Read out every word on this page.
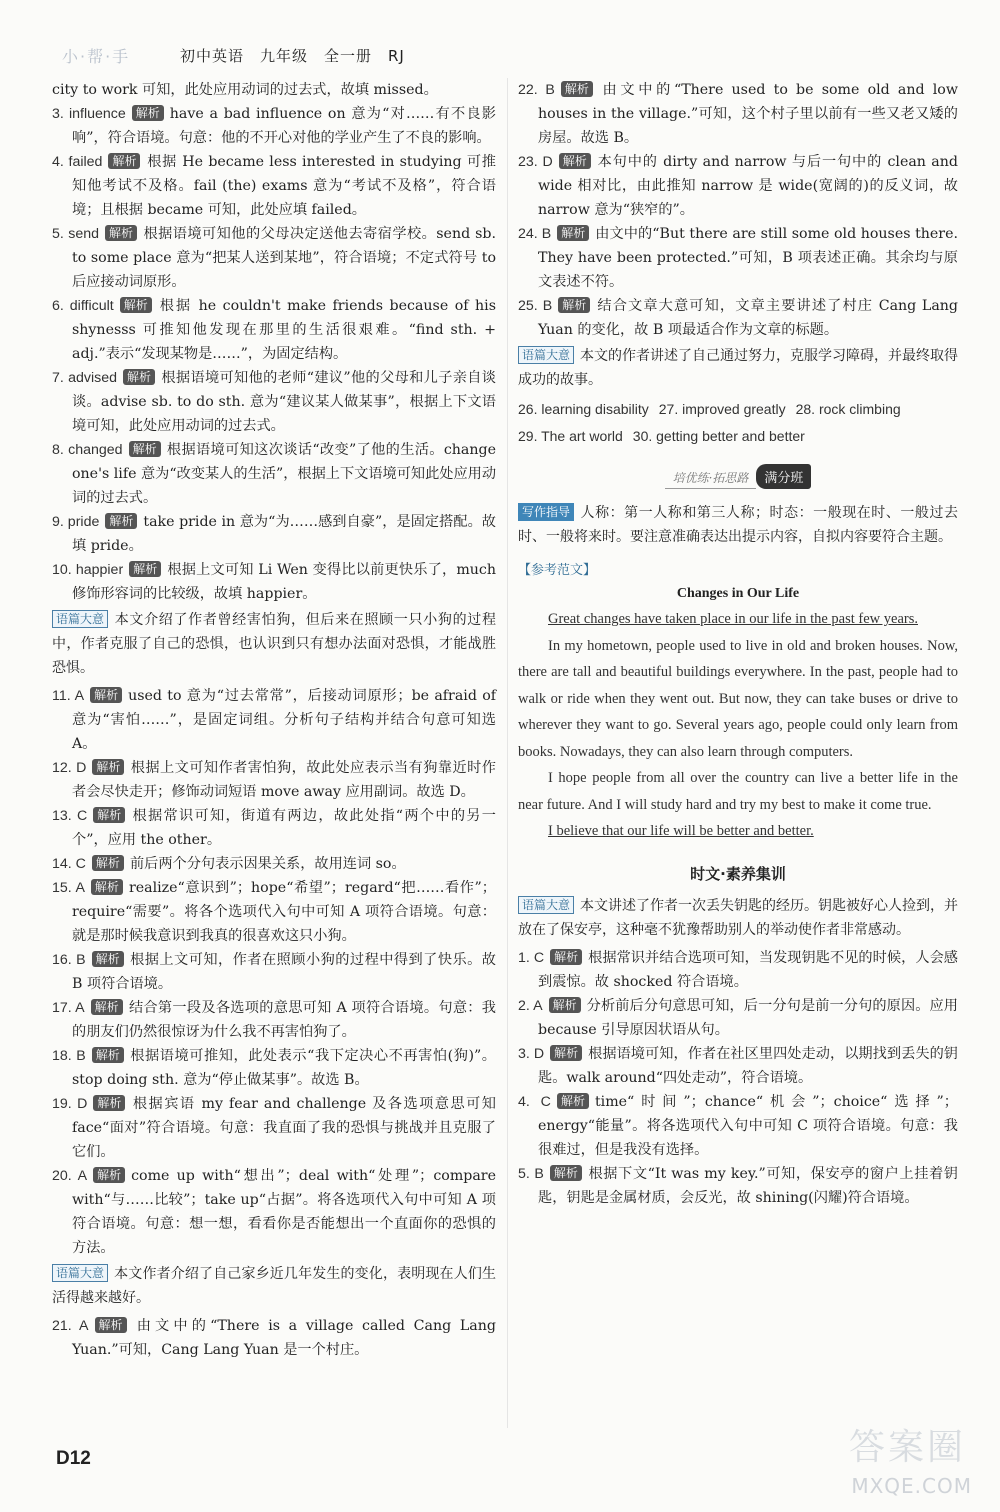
小·帮·手	初中英语　九年级　全一册　RJ

city to work 可知，此处应用动词的过去式，故填 missed。

3. influence 解析 have a bad influence on 意为“对……有不良影响”，符合语境。句意：他的不开心对他的学业产生了不良的影响。

4. failed 解析 根据 He became less interested in studying 可推知他考试不及格。fail (the) exams 意为“考试不及格”，符合语境；且根据 became 可知，此处应填 failed。

5. send 解析 根据语境可知他的父母决定送他去寄宿学校。send sb. to some place 意为“把某人送到某地”，符合语境；不定式符号 to 后应接动词原形。

6. difficult 解析 根据 he couldn't make friends because of his shynesss 可推知他发现在那里的生活很艰难。“find sth. + adj.”表示“发现某物是……”，为固定结构。

7. advised 解析 根据语境可知他的老师“建议”他的父母和儿子亲自谈谈。advise sb. to do sth. 意为“建议某人做某事”，根据上下文语境可知，此处应用动词的过去式。

8. changed 解析 根据语境可知这次谈话“改变”了他的生活。change one's life 意为“改变某人的生活”，根据上下文语境可知此处应用动词的过去式。

9. pride 解析 take pride in 意为“为……感到自豪”，是固定搭配。故填 pride。

10. happier 解析 根据上文可知 Li Wen 变得比以前更快乐了，much 修饰形容词的比较级，故填 happier。

语篇大意 本文介绍了作者曾经害怕狗，但后来在照顾一只小狗的过程中，作者克服了自己的恐惧，也认识到只有想办法面对恐惧，才能战胜恐惧。

11. A 解析 used to 意为“过去常常”，后接动词原形；be afraid of 意为“害怕……”，是固定词组。分析句子结构并结合句意可知选 A。

12. D 解析 根据上文可知作者害怕狗，故此处应表示当有狗靠近时作者会尽快走开；修饰动词短语 move away 应用副词。故选 D。

13. C 解析 根据常识可知，街道有两边，故此处指“两个中的另一个”，应用 the other。

14. C 解析 前后两个分句表示因果关系，故用连词 so。

15. A 解析 realize“意识到”；hope“希望”；regard“把……看作”；require“需要”。将各个选项代入句中可知 A 项符合语境。句意：就是那时候我意识到我真的很喜欢这只小狗。

16. B 解析 根据上文可知，作者在照顾小狗的过程中得到了快乐。故 B 项符合语境。

17. A 解析 结合第一段及各选项的意思可知 A 项符合语境。句意：我的朋友们仍然很惊讶为什么我不再害怕狗了。

18. B 解析 根据语境可推知，此处表示“我下定决心不再害怕(狗)”。stop doing sth. 意为“停止做某事”。故选 B。

19. D 解析 根据宾语 my fear and challenge 及各选项意思可知 face“面对”符合语境。句意：我直面了我的恐惧与挑战并且克服了它们。

20. A 解析 come up with“想出”；deal with“处理”；compare with“与……比较”；take up“占据”。将各选项代入句中可知 A 项符合语境。句意：想一想，看看你是否能想出一个直面你的恐惧的方法。

语篇大意 本文作者介绍了自己家乡近几年发生的变化，表明现在人们生活得越来越好。

21. A 解析 由文中的“There is a village called Cang Lang Yuan.”可知，Cang Lang Yuan 是一个村庄。

22. B 解析 由文中的“There used to be some old and low houses in the village.”可知，这个村子里以前有一些又老又矮的房屋。故选 B。

23. D 解析 本句中的 dirty and narrow 与后一句中的 clean and wide 相对比，由此推知 narrow 是 wide(宽阔的)的反义词，故 narrow 意为“狭窄的”。

24. B 解析 由文中的“But there are still some old houses there. They have been protected.”可知，B 项表述正确。其余均与原文表述不符。

25. B 解析 结合文章大意可知，文章主要讲述了村庄 Cang Lang Yuan 的变化，故 B 项最适合作为文章的标题。

语篇大意 本文的作者讲述了自己通过努力，克服学习障碍，并最终取得成功的故事。
26. learning disability 27. improved greatly 28. rock climbing
29. The art world 30. getting better and better
培优练·拓思路 满分班
写作指导 人称：第一人称和第三人称；时态：一般现在时、一般过去时、一般将来时。要注意准确表达出提示内容，自拟内容要符合主题。
【参考范文】
Changes in Our Life

Great changes have taken place in our life in the past few years.

In my hometown, people used to live in old and broken houses. Now, there are tall and beautiful buildings everywhere. In the past, people had to walk or ride when they went out. But now, they can take buses or drive to wherever they want to go. Several years ago, people could only learn from books. Nowadays, they can also learn through computers.

I hope people from all over the country can live a better life in the near future. And I will study hard and try my best to make it come true.

I believe that our life will be better and better.

时文·素养集训
语篇大意 本文讲述了作者一次丢失钥匙的经历。钥匙被好心人捡到，并放在了保安亭，这种毫不犹豫帮助别人的举动使作者非常感动。

1. C 解析 根据常识并结合选项可知，当发现钥匙不见的时候，人会感到震惊。故 shocked 符合语境。

2. A 解析 分析前后分句意思可知，后一分句是前一分句的原因。应用 because 引导原因状语从句。

3. D 解析 根据语境可知，作者在社区里四处走动，以期找到丢失的钥匙。walk around“四处走动”，符合语境。

4. C 解析 time“时间”；chance“机会”；choice“选择”；energy“能量”。将各选项代入句中可知 C 项符合语境。句意：我很难过，但是我没有选择。

5. B 解析 根据下文“It was my key.”可知，保安亭的窗户上挂着钥匙，钥匙是金属材质，会反光，故 shining(闪耀)符合语境。

D12	答案圈
MXQE.COM
